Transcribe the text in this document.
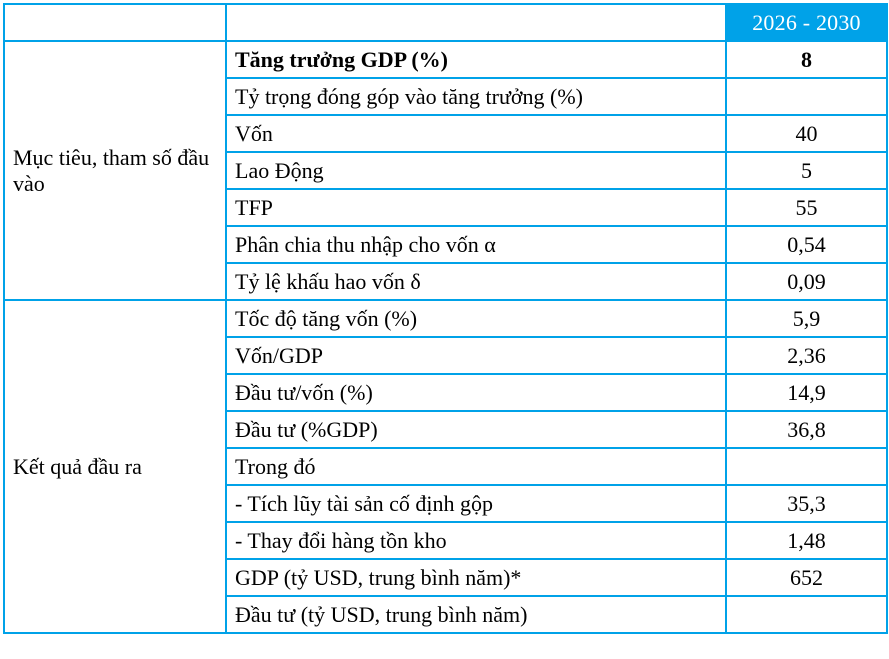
		2026 - 2030
Mục tiêu, tham số đầu vào	Tăng trưởng GDP (%)	8
	Tỷ trọng đóng góp vào tăng trưởng (%)	
	Vốn	40
	Lao Động	5
	TFP	55
	Phân chia thu nhập cho vốn α	0,54
	Tỷ lệ khấu hao vốn δ	0,09
Kết quả đầu ra	Tốc độ tăng vốn (%)	5,9
	Vốn/GDP	2,36
	Đầu tư/vốn (%)	14,9
	Đầu tư (%GDP)	36,8
	Trong đó	
	- Tích lũy tài sản cố định gộp	35,3
	- Thay đổi hàng tồn kho	1,48
	GDP (tỷ USD, trung bình năm)*	652
	Đầu tư (tỷ USD, trung bình năm)	
